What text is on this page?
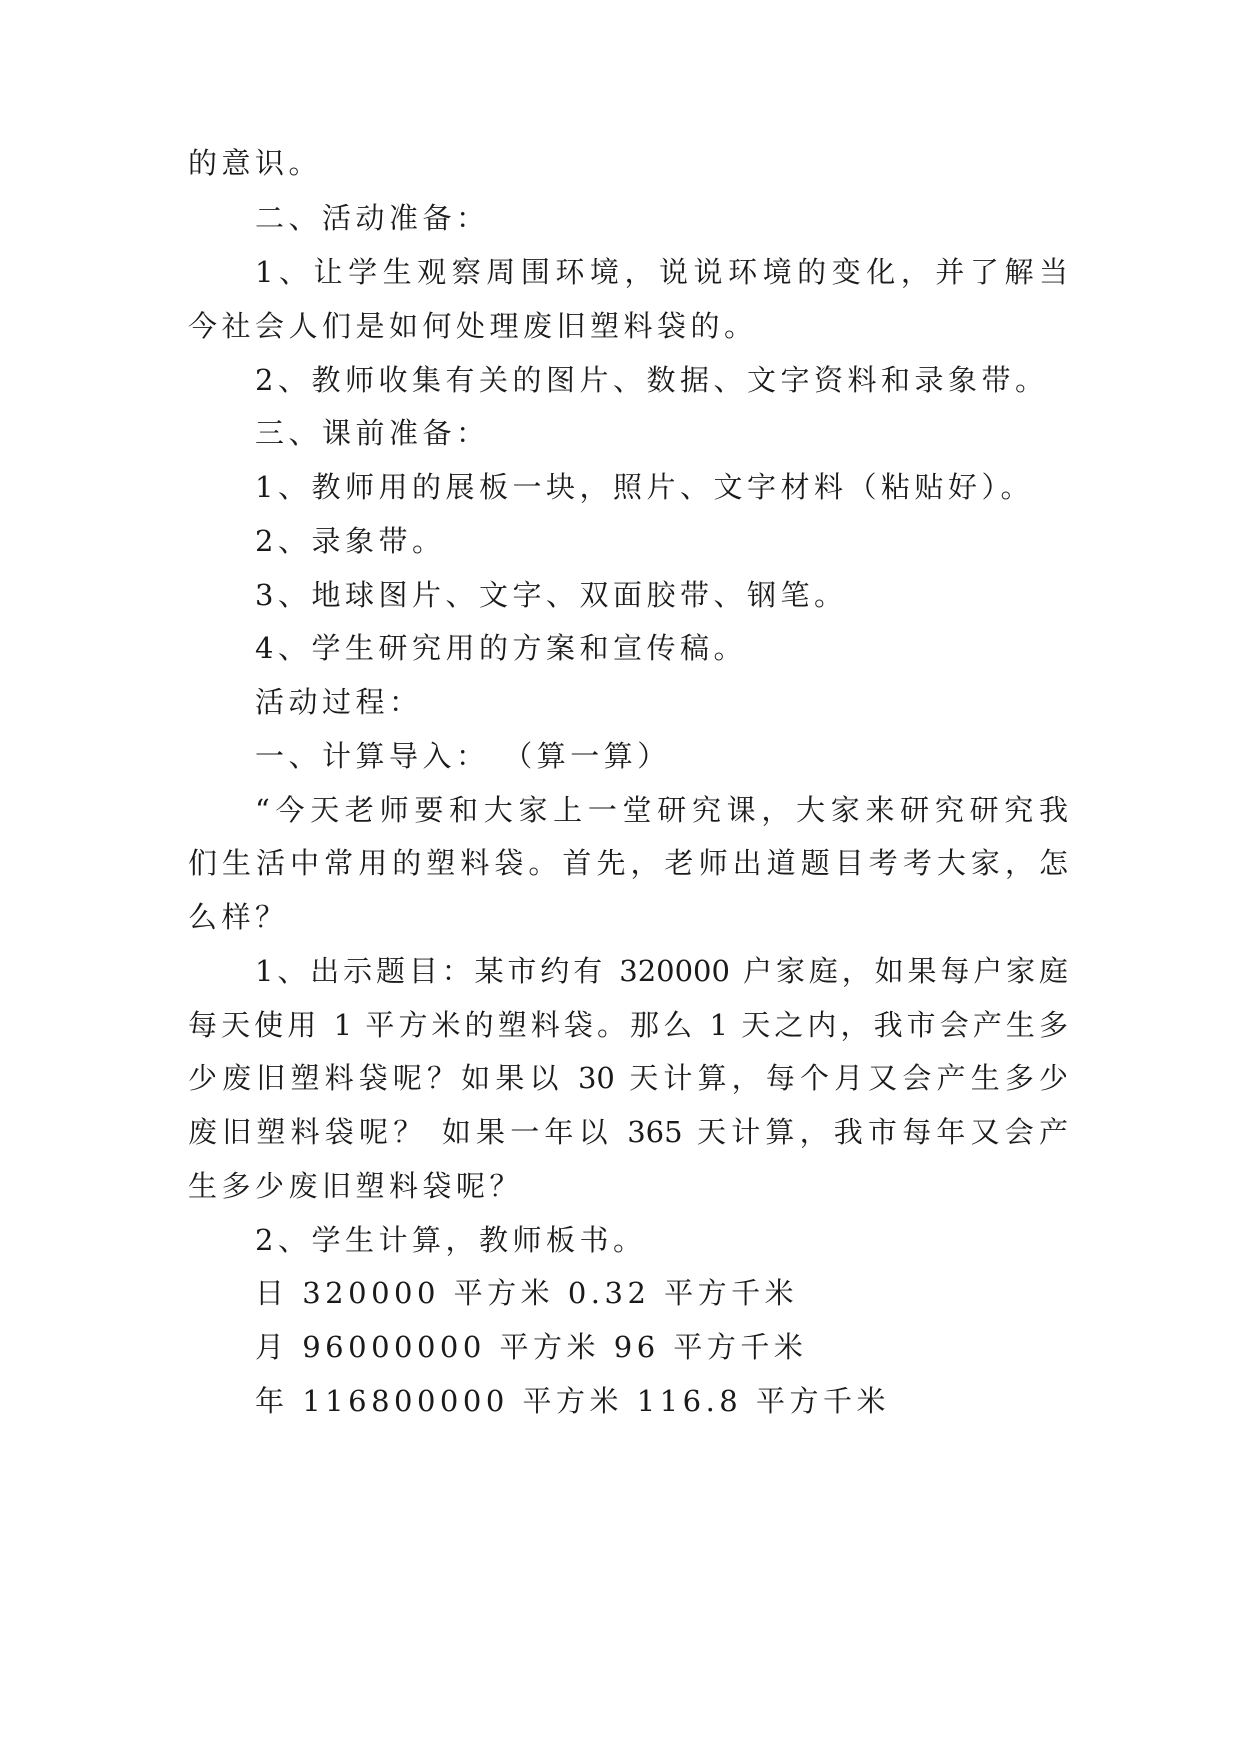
的意识。
二、活动准备：
1、让学生观察周围环境，说说环境的变化，并了解当
今社会人们是如何处理废旧塑料袋的。
2、教师收集有关的图片、数据、文字资料和录象带。
三、课前准备：
1、教师用的展板一块，照片、文字材料（粘贴好）。
2、录象带。
3、地球图片、文字、双面胶带、钢笔。
4、学生研究用的方案和宣传稿。
活动过程：
一、计算导入： （算一算）
“今天老师要和大家上一堂研究课，大家来研究研究我
们生活中常用的塑料袋。首先，老师出道题目考考大家，怎
么样？
1、出示题目：某市约有 320000 户家庭，如果每户家庭
每天使用 1 平方米的塑料袋。那么 1 天之内，我市会产生多
少废旧塑料袋呢？如果以 30 天计算，每个月又会产生多少
废旧塑料袋呢？ 如果一年以 365 天计算，我市每年又会产
生多少废旧塑料袋呢？
2、学生计算，教师板书。
日 320000 平方米 0.32 平方千米
月 96000000 平方米 96 平方千米
年 116800000 平方米 116.8 平方千米
